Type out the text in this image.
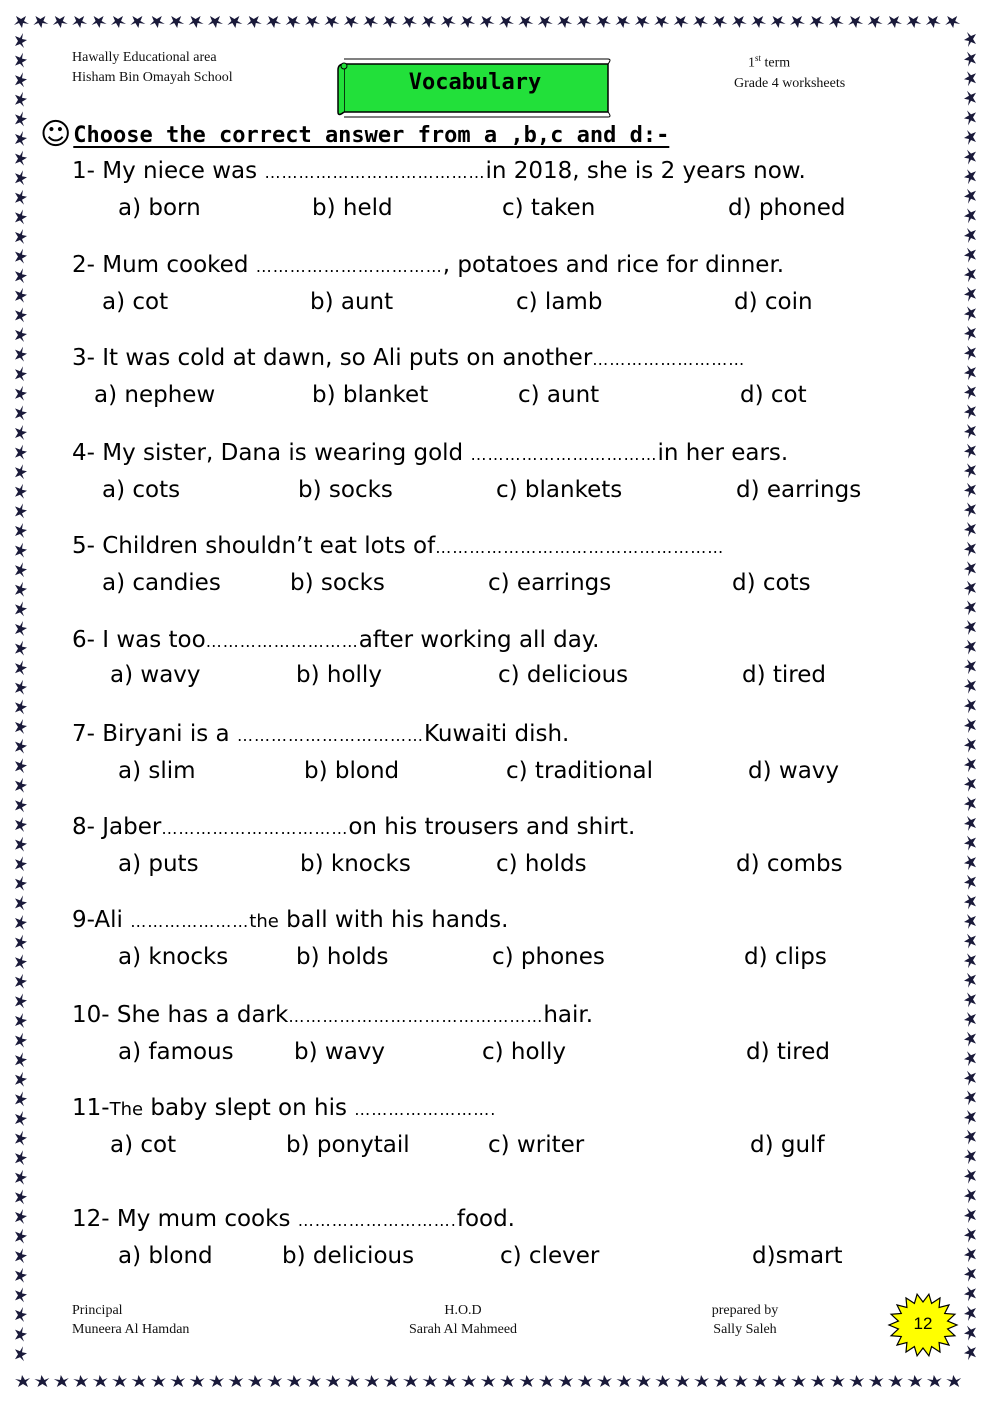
Hawally Educational area
Hisham Bin Omayah School
1st term
Grade 4 worksheets
Vocabulary
☺ Choose the correct answer from a ,b,c and d:-
1- My niece was …………………………………in 2018, she is 2 years now.
a) born	b) held	c) taken	d) phoned
2- Mum cooked ……………………………, potatoes and rice for dinner.
a) cot	b) aunt	c) lamb	d) coin
3- It was cold at dawn, so Ali puts on another………………………
a) nephew	b) blanket	c) aunt	d) cot
4- My sister, Dana is wearing gold ……………………………in her ears.
a) cots	b) socks	c) blankets	d) earrings
5- Children shouldn’t eat lots of……………………………………………
a) candies	b) socks	c) earrings	d) cots
6- I was too………………………after working all day.
a) wavy	b) holly	c) delicious	d) tired
7- Biryani is a ……………………………Kuwaiti dish.
a) slim	b) blond	c) traditional	d) wavy
8- Jaber……………………………on his trousers and shirt.
a) puts	b) knocks	c) holds	d) combs
9-Ali …………………the ball with his hands.
a) knocks	b) holds	c) phones	d) clips
10- She has a dark………………………………………hair.
a) famous	b) wavy	c) holly	d) tired
11-The baby slept on his …………………….
a) cot	b) ponytail	c) writer	d) gulf
12- My mum cooks ……………………….food.
a) blond	b) delicious	c) clever	d)smart
Principal
Muneera Al Hamdan
H.O.D
Sarah Al Mahmeed
prepared by
Sally Saleh	12
